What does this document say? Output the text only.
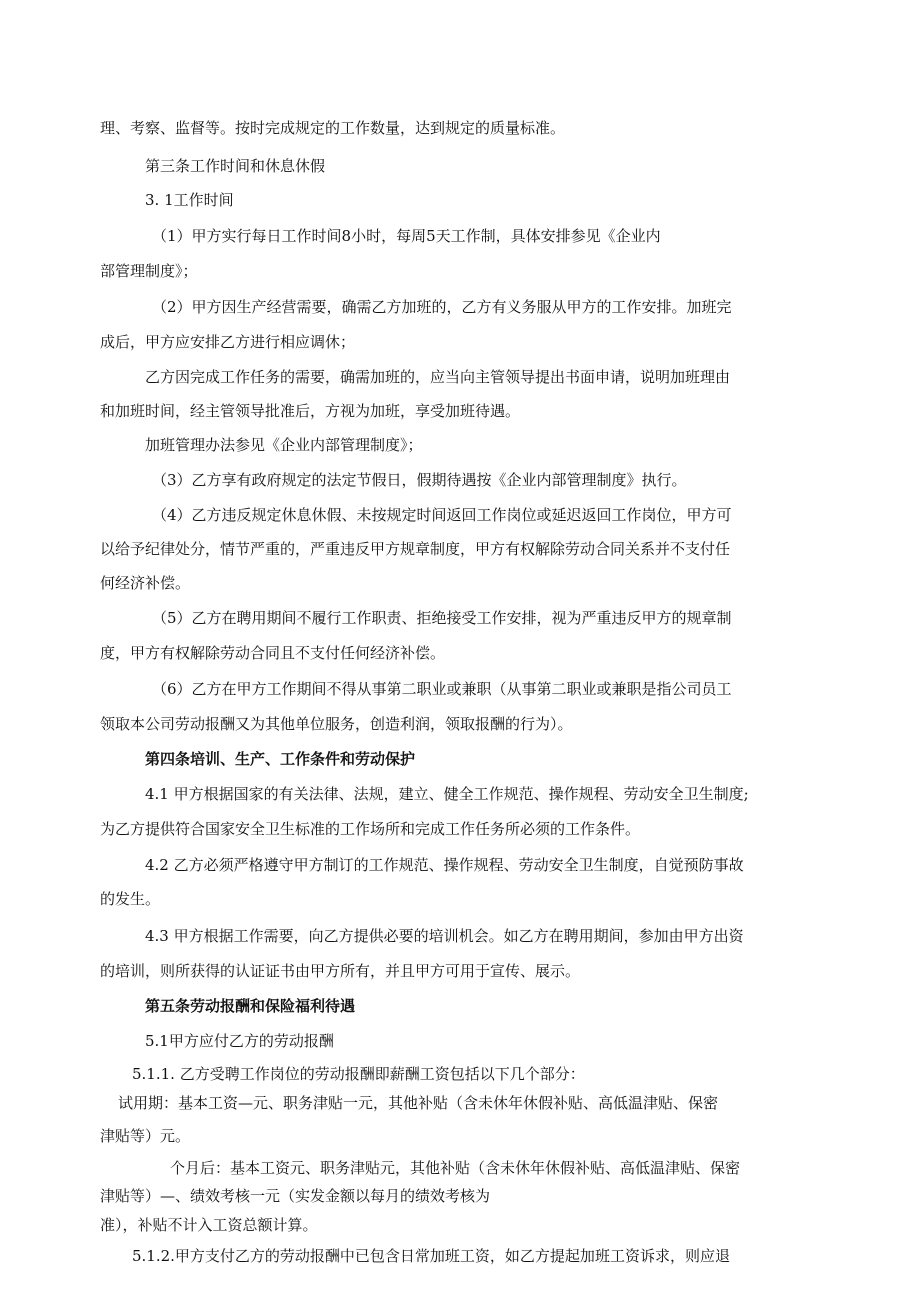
理、考察、监督等。按时完成规定的工作数量，达到规定的质量标准。
第三条工作时间和休息休假
3. 1工作时间
（1）甲方实行每日工作时间8小时，每周5天工作制，具体安排参见《企业内
部管理制度》；
（2）甲方因生产经营需要，确需乙方加班的，乙方有义务服从甲方的工作安排。加班完
成后，甲方应安排乙方进行相应调休；
乙方因完成工作任务的需要，确需加班的，应当向主管领导提出书面申请，说明加班理由
和加班时间，经主管领导批准后，方视为加班，享受加班待遇。
加班管理办法参见《企业内部管理制度》；
（3）乙方享有政府规定的法定节假日，假期待遇按《企业内部管理制度》执行。
（4）乙方违反规定休息休假、未按规定时间返回工作岗位或延迟返回工作岗位，甲方可
以给予纪律处分，情节严重的，严重违反甲方规章制度，甲方有权解除劳动合同关系并不支付任
何经济补偿。
（5）乙方在聘用期间不履行工作职责、拒绝接受工作安排，视为严重违反甲方的规章制
度，甲方有权解除劳动合同且不支付任何经济补偿。
（6）乙方在甲方工作期间不得从事第二职业或兼职（从事第二职业或兼职是指公司员工
领取本公司劳动报酬又为其他单位服务，创造利润，领取报酬的行为）。
第四条培训、生产、工作条件和劳动保护
4.1 甲方根据国家的有关法律、法规，建立、健全工作规范、操作规程、劳动安全卫生制度;
为乙方提供符合国家安全卫生标准的工作场所和完成工作任务所必须的工作条件。
4.2 乙方必须严格遵守甲方制订的工作规范、操作规程、劳动安全卫生制度，自觉预防事故
的发生。
4.3 甲方根据工作需要，向乙方提供必要的培训机会。如乙方在聘用期间，参加由甲方出资
的培训，则所获得的认证证书由甲方所有，并且甲方可用于宣传、展示。
第五条劳动报酬和保险福利待遇
5.1甲方应付乙方的劳动报酬
5.1.1. 乙方受聘工作岗位的劳动报酬即薪酬工资包括以下几个部分：
试用期：基本工资—元、职务津贴一元，其他补贴（含未休年休假补贴、高低温津贴、保密
津贴等）元。
个月后：基本工资元、职务津贴元，其他补贴（含未休年休假补贴、高低温津贴、保密
津贴等）—、绩效考核一元（实发金额以每月的绩效考核为
准），补贴不计入工资总额计算。
5.1.2.甲方支付乙方的劳动报酬中已包含日常加班工资，如乙方提起加班工资诉求，则应退
